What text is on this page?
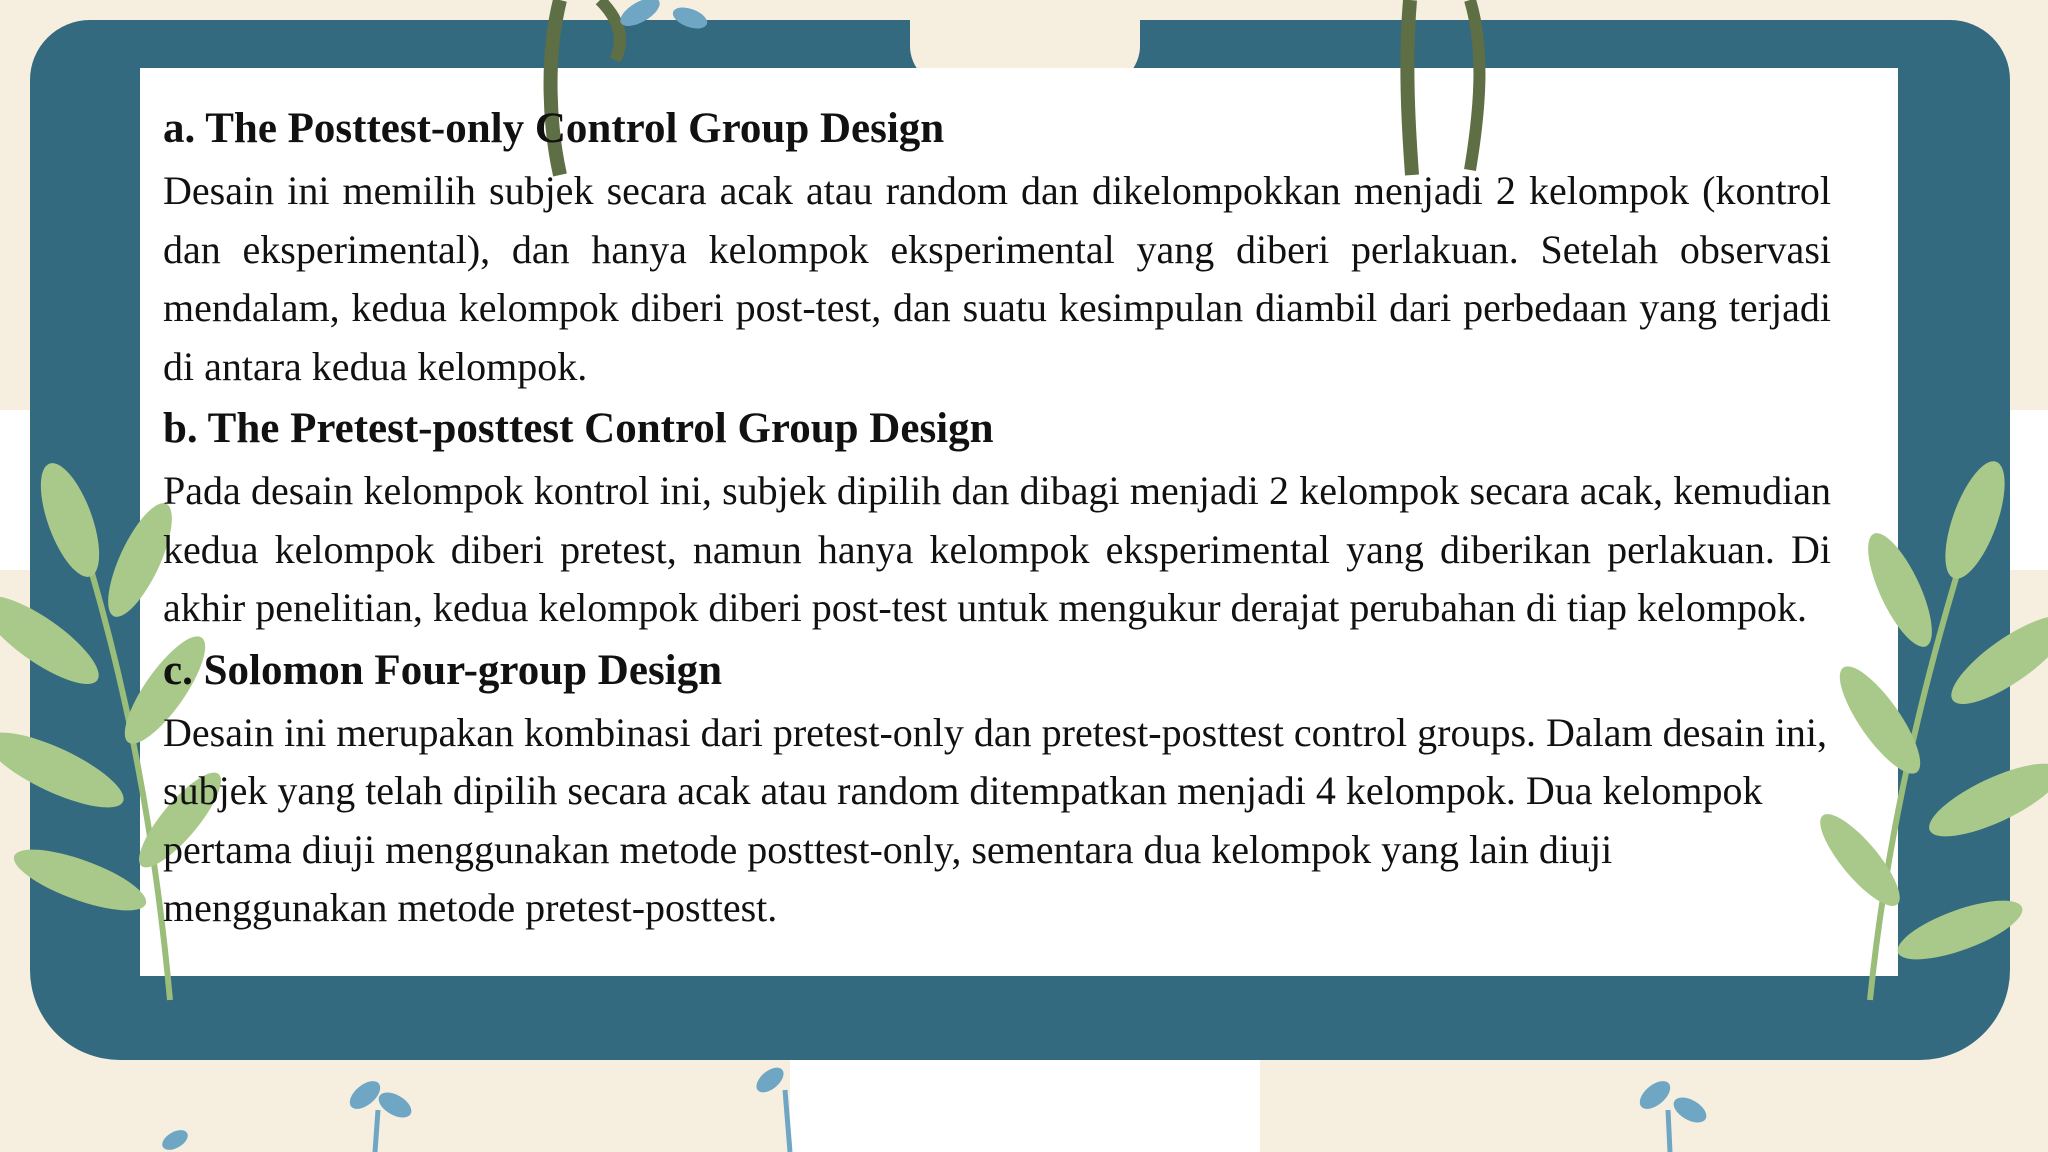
a. The Posttest-only Control Group Design
Desain ini memilih subjek secara acak atau random dan dikelompokkan menjadi 2 kelompok (kontrol dan eksperimental), dan hanya kelompok eksperimental yang diberi perlakuan. Setelah observasi mendalam, kedua kelompok diberi post-test, dan suatu kesimpulan diambil dari perbedaan yang terjadi di antara kedua kelompok.
b. The Pretest-posttest Control Group Design
Pada desain kelompok kontrol ini, subjek dipilih dan dibagi menjadi 2 kelompok secara acak, kemudian kedua kelompok diberi pretest, namun hanya kelompok eksperimental yang diberikan perlakuan. Di akhir penelitian, kedua kelompok diberi post-test untuk mengukur derajat perubahan di tiap kelompok.
c. Solomon Four-group Design
Desain ini merupakan kombinasi dari pretest-only dan pretest-posttest control groups. Dalam desain ini, subjek yang telah dipilih secara acak atau random ditempatkan menjadi 4 kelompok. Dua kelompok pertama diuji menggunakan metode posttest-only, sementara dua kelompok yang lain diuji menggunakan metode pretest-posttest.
